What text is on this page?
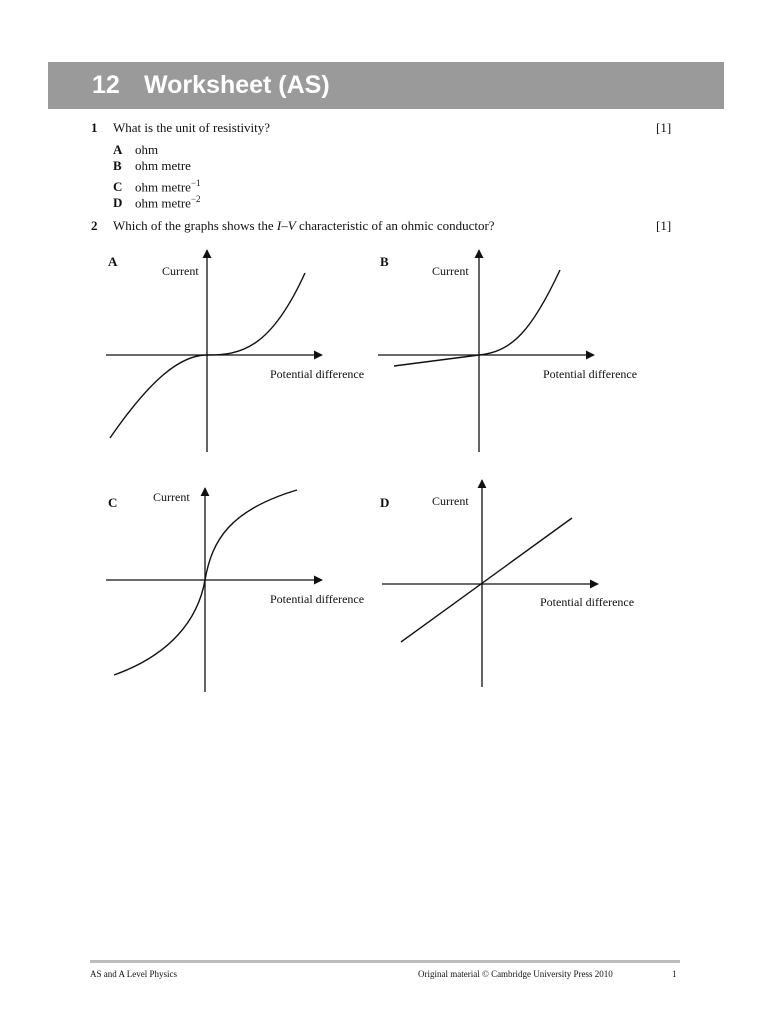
12 Worksheet (AS)
1 What is the unit of resistivity?	[1]
A ohm
B ohm metre
C ohm metre$^{-1}$
D ohm metre$^{-2}$
2 Which of the graphs shows the I–V characteristic of an ohmic conductor?	[1]
A
Current
Potential difference
B
Current
Potential difference
C	Current
Potential difference
D	Current
Potential difference
AS and A Level Physics	Original material © Cambridge University Press 2010	1
